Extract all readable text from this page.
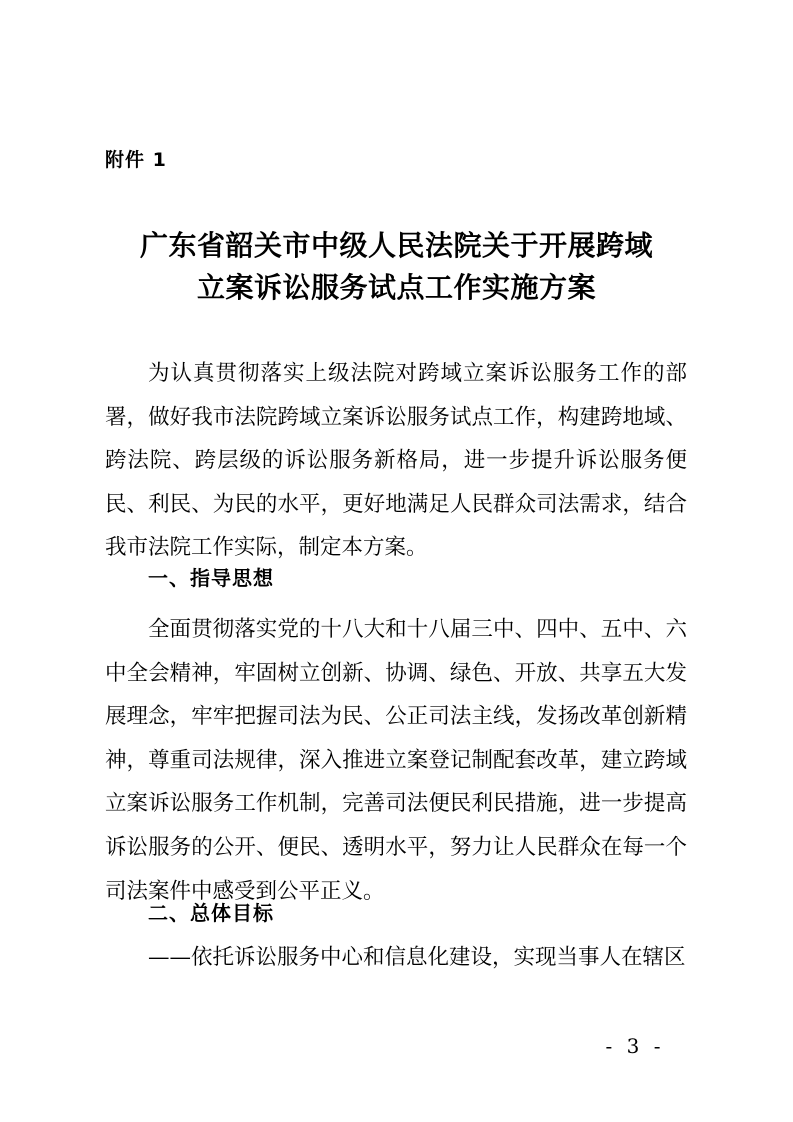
附件 1
广东省韶关市中级人民法院关于开展跨域
立案诉讼服务试点工作实施方案
为认真贯彻落实上级法院对跨域立案诉讼服务工作的部署，做好我市法院跨域立案诉讼服务试点工作，构建跨地域、跨法院、跨层级的诉讼服务新格局，进一步提升诉讼服务便民、利民、为民的水平，更好地满足人民群众司法需求，结合我市法院工作实际，制定本方案。
一、指导思想
全面贯彻落实党的十八大和十八届三中、四中、五中、六中全会精神，牢固树立创新、协调、绿色、开放、共享五大发展理念，牢牢把握司法为民、公正司法主线，发扬改革创新精神，尊重司法规律，深入推进立案登记制配套改革，建立跨域立案诉讼服务工作机制，完善司法便民利民措施，进一步提高诉讼服务的公开、便民、透明水平，努力让人民群众在每一个司法案件中感受到公平正义。
二、总体目标
——依托诉讼服务中心和信息化建设，实现当事人在辖区
- 3 -
